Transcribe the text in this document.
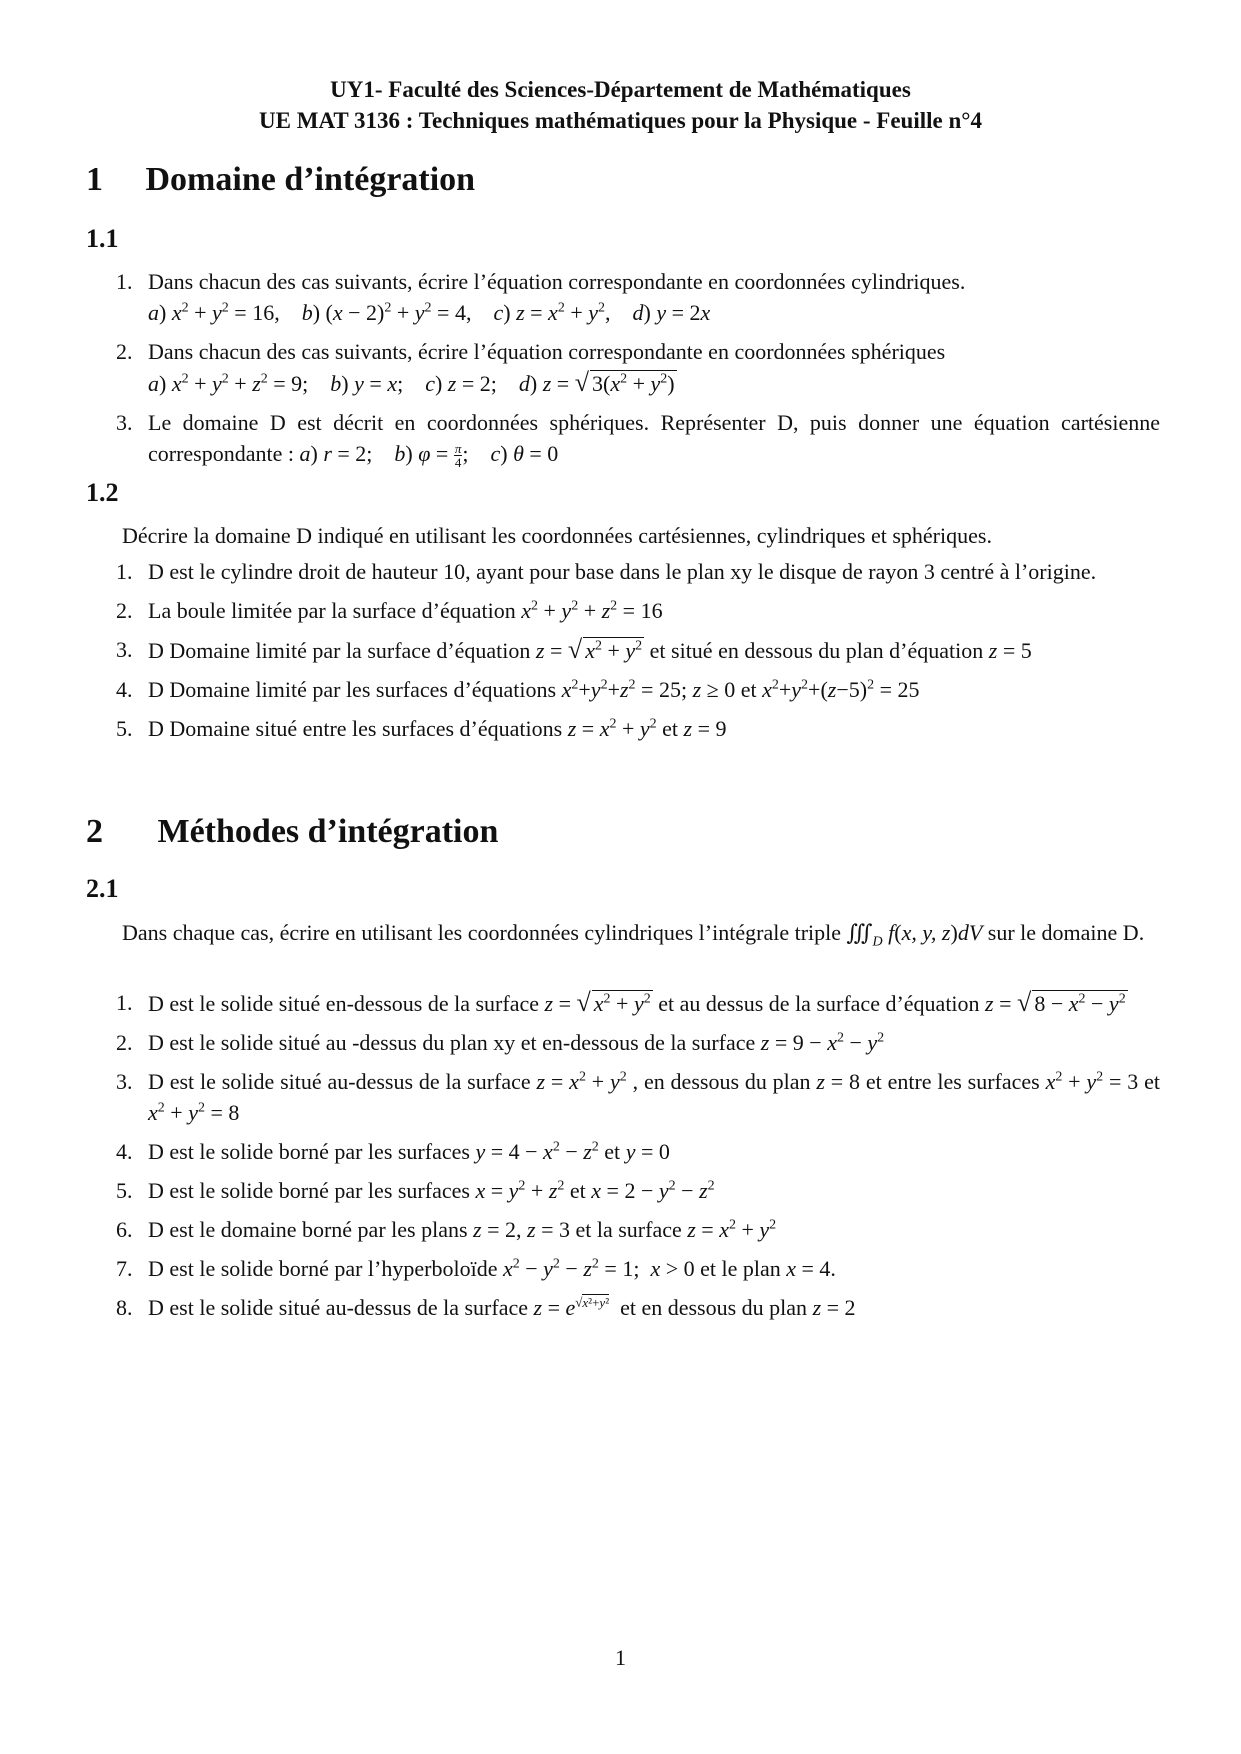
UY1- Faculté des Sciences-Département de Mathématiques
UE MAT 3136 : Techniques mathématiques pour la Physique - Feuille n°4
1 Domaine d’intégration
1.1
1. Dans chacun des cas suivants, écrire l’équation correspondante en coordonnées cylindriques.
a) $x^2 + y^2 = 16$,    b) $(x - 2)^2 + y^2 = 4$,    c) $z = x^2 + y^2$,    d) y = 2x
2. Dans chacun des cas suivants, écrire l’équation correspondante en coordonnées sphériques
a) $x^2 + y^2 + z^2 = 9$;    b) y = x;    c) z = 2;    d) z = √ $3(x^2 + y^2)$
3. Le domaine D est décrit en coordonnées sphériques. Représenter D, puis donner une équation cartésienne correspondante : a) r = 2;    b) $\varphi = \frac{\pi}{4}$ ;    c) θ = 0
1.2
Décrire la domaine D indiqué en utilisant les coordonnées cartésiennes, cylindriques et sphériques.
1. D est le cylindre droit de hauteur 10, ayant pour base dans le plan xy le disque de rayon 3 centré à l’origine.
2. La boule limitée par la surface d’équation $x^2 + y^2 + z^2 = 16$
3. D Domaine limité par la surface d’équation z = √ $x^2 + y^2$ et situé en dessous du plan d’équation z = 5
4. D Domaine limité par les surfaces d’équations $x^2+y^2+z^2 = 25$; z ≥ 0 et $x^2+y^2+(z-5)^2 = 25$
5. D Domaine situé entre les surfaces d’équations $z = x^2 + y^2$ et z = 9
2 Méthodes d’intégration
2.1
Dans chaque cas, écrire en utilisant les coordonnées cylindriques l’intégrale triple $∭_D$ f(x, y, z)dV sur le domaine D.
1. D est le solide situé en-dessous de la surface z = √ $x^2 + y^2$ et au dessus de la surface d’équation z = √ $8 - x^2 - y^2$
2. D est le solide situé au -dessus du plan xy et en-dessous de la surface $z = 9 - x^2 - y^2$
3. D est le solide situé au-dessus de la surface $z = x^2 + y^2$ , en dessous du plan z = 8 et entre les surfaces $x^2 + y^2 = 3$ et $x^2 + y^2 = 8$
4. D est le solide borné par les surfaces $y = 4 - x^2 - z^2$ et y = 0
5. D est le solide borné par les surfaces $x = y^2 + z^2$ et $x = 2 - y^2 - z^2$
6. D est le domaine borné par les plans z = 2, z = 3 et la surface $z = x^2 + y^2$
7. D est le solide borné par l’hyperboloïde $x^2 - y^2 - z^2 = 1$;  x > 0 et le plan x = 4.
8. D est le solide situé au-dessus de la surface $z = e^{√x^2+y^2}$  et en dessous du plan z = 2
1
